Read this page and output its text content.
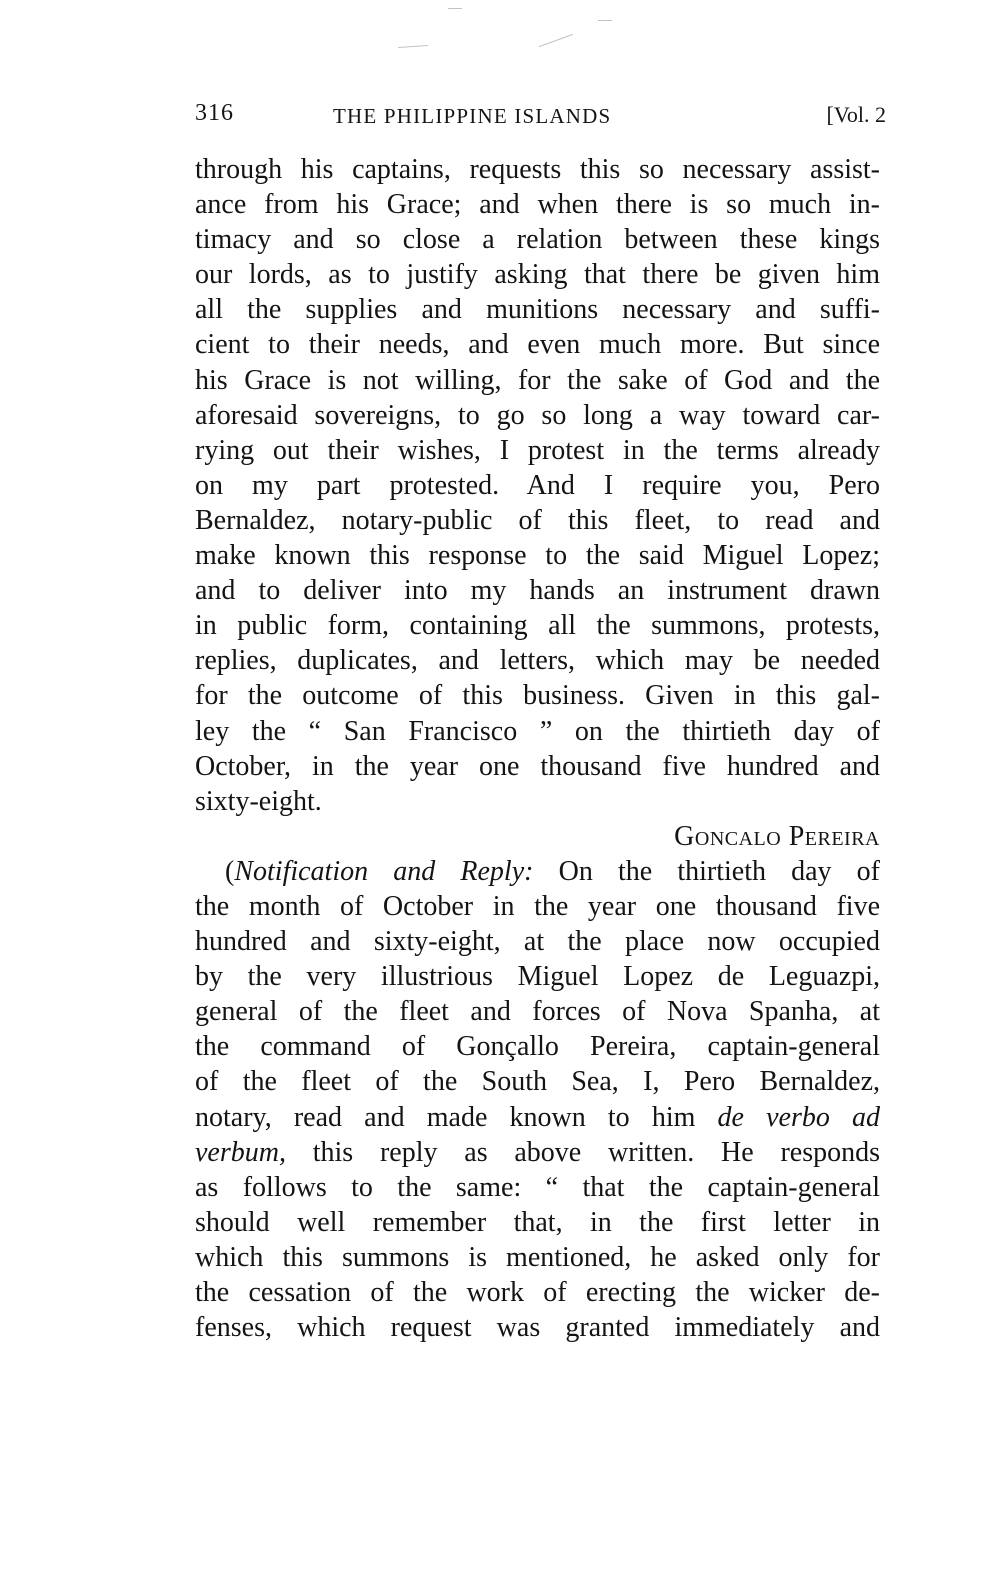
316	THE PHILIPPINE ISLANDS	[Vol. 2
through his captains, requests this so necessary assist-
ance from his Grace; and when there is so much in-
timacy and so close a relation between these kings
our lords, as to justify asking that there be given him
all the supplies and munitions necessary and suffi-
cient to their needs, and even much more. But since
his Grace is not willing, for the sake of God and the
aforesaid sovereigns, to go so long a way toward car-
rying out their wishes, I protest in the terms already
on my part protested. And I require you, Pero
Bernaldez, notary-public of this fleet, to read and
make known this response to the said Miguel Lopez;
and to deliver into my hands an instrument drawn
in public form, containing all the summons, protests,
replies, duplicates, and letters, which may be needed
for the outcome of this business. Given in this gal-
ley the “ San Francisco ” on the thirtieth day of
October, in the year one thousand five hundred and
sixty-eight.
Goncalo Pereira
(Notification and Reply: On the thirtieth day of
the month of October in the year one thousand five
hundred and sixty-eight, at the place now occupied
by the very illustrious Miguel Lopez de Leguazpi,
general of the fleet and forces of Nova Spanha, at
the command of Gonçallo Pereira, captain-general
of the fleet of the South Sea, I, Pero Bernaldez,
notary, read and made known to him de verbo ad
verbum, this reply as above written. He responds
as follows to the same: “ that the captain-general
should well remember that, in the first letter in
which this summons is mentioned, he asked only for
the cessation of the work of erecting the wicker de-
fenses, which request was granted immediately and
